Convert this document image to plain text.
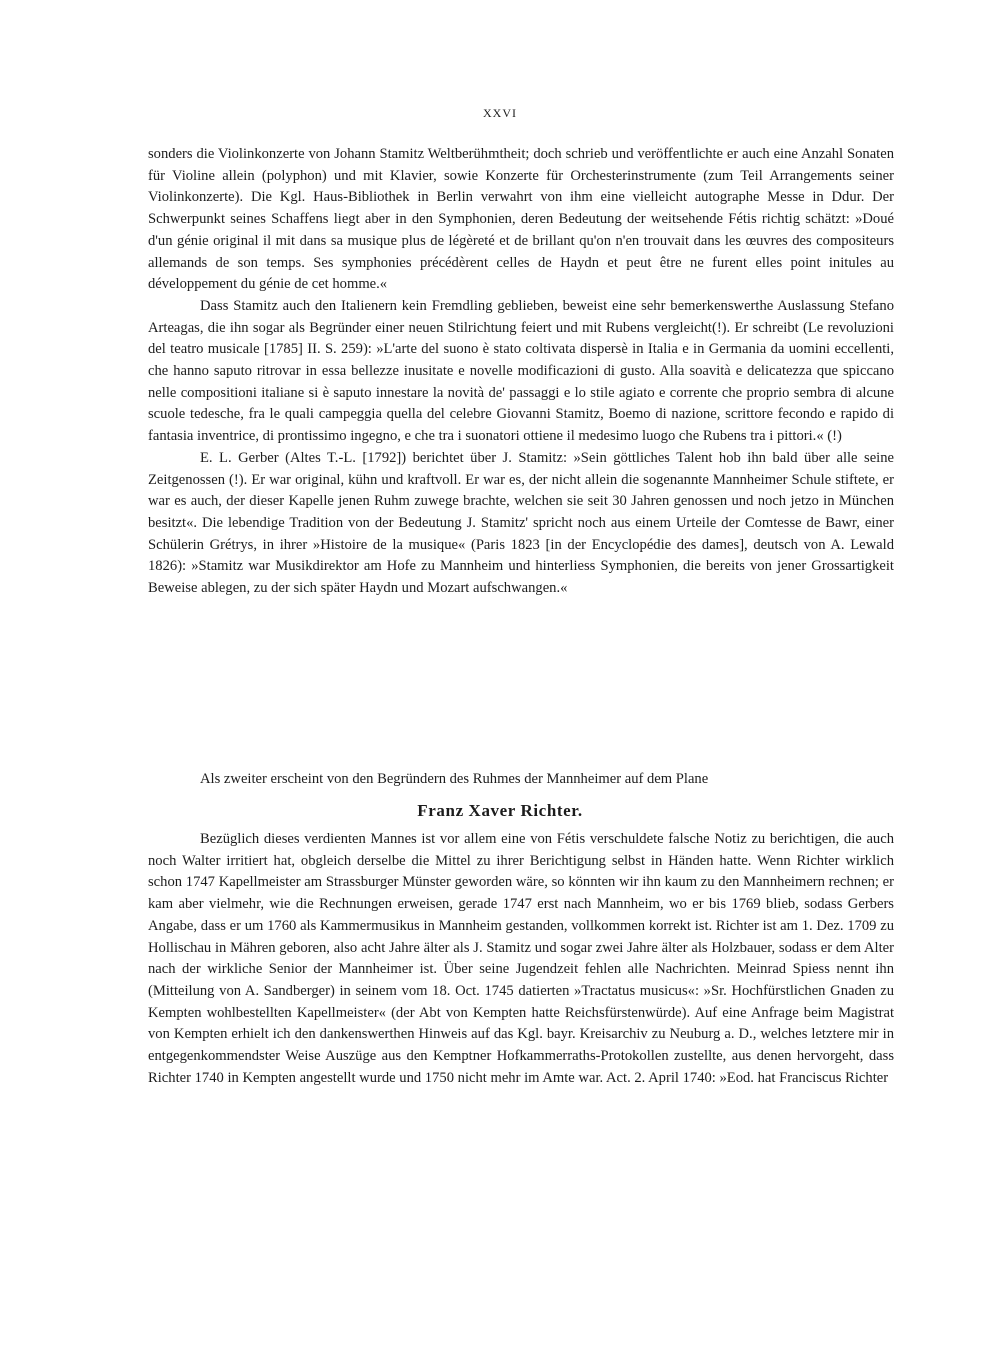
XXVI

sonders die Violinkonzerte von Johann Stamitz Weltberühmtheit; doch schrieb und veröffentlichte er auch eine Anzahl Sonaten für Violine allein (polyphon) und mit Klavier, sowie Konzerte für Orchesterinstrumente (zum Teil Arrangements seiner Violinkonzerte). Die Kgl. Haus-Bibliothek in Berlin verwahrt von ihm eine vielleicht autographe Messe in Ddur. Der Schwerpunkt seines Schaffens liegt aber in den Symphonien, deren Bedeutung der weitsehende Fétis richtig schätzt: »Doué d'un génie original il mit dans sa musique plus de légèreté et de brillant qu'on n'en trouvait dans les œuvres des compositeurs allemands de son temps. Ses symphonies précédèrent celles de Haydn et peut être ne furent elles point initules au développement du génie de cet homme.«

Dass Stamitz auch den Italienern kein Fremdling geblieben, beweist eine sehr bemerkenswerthe Auslassung Stefano Arteagas, die ihn sogar als Begründer einer neuen Stilrichtung feiert und mit Rubens vergleicht(!). Er schreibt (Le revoluzioni del teatro musicale [1785] II. S. 259): »L'arte del suono è stato coltivata dispersè in Italia e in Germania da uomini eccellenti, che hanno saputo ritrovar in essa bellezze inusitate e novelle modificazioni di gusto. Alla soavità e delicatezza que spiccano nelle compositioni italiane si è saputo innestare la novità de' passaggi e lo stile agiato e corrente che proprio sembra di alcune scuole tedesche, fra le quali campeggia quella del celebre Giovanni Stamitz, Boemo di nazione, scrittore fecondo e rapido di fantasia inventrice, di prontissimo ingegno, e che tra i suonatori ottiene il medesimo luogo che Rubens tra i pittori.« (!)

E. L. Gerber (Altes T.-L. [1792]) berichtet über J. Stamitz: »Sein göttliches Talent hob ihn bald über alle seine Zeitgenossen (!). Er war original, kühn und kraftvoll. Er war es, der nicht allein die sogenannte Mannheimer Schule stiftete, er war es auch, der dieser Kapelle jenen Ruhm zuwege brachte, welchen sie seit 30 Jahren genossen und noch jetzo in München besitzt«. Die lebendige Tradition von der Bedeutung J. Stamitz' spricht noch aus einem Urteile der Comtesse de Bawr, einer Schülerin Grétrys, in ihrer »Histoire de la musique« (Paris 1823 [in der Encyclopédie des dames], deutsch von A. Lewald 1826): »Stamitz war Musikdirektor am Hofe zu Mannheim und hinterliess Symphonien, die bereits von jener Grossartigkeit Beweise ablegen, zu der sich später Haydn und Mozart aufschwangen.«

Als zweiter erscheint von den Begründern des Ruhmes der Mannheimer auf dem Plane

Franz Xaver Richter.

Bezüglich dieses verdienten Mannes ist vor allem eine von Fétis verschuldete falsche Notiz zu berichtigen, die auch noch Walter irritiert hat, obgleich derselbe die Mittel zu ihrer Berichtigung selbst in Händen hatte. Wenn Richter wirklich schon 1747 Kapellmeister am Strassburger Münster geworden wäre, so könnten wir ihn kaum zu den Mannheimern rechnen; er kam aber vielmehr, wie die Rechnungen erweisen, gerade 1747 erst nach Mannheim, wo er bis 1769 blieb, sodass Gerbers Angabe, dass er um 1760 als Kammermusikus in Mannheim gestanden, vollkommen korrekt ist. Richter ist am 1. Dez. 1709 zu Hollischau in Mähren geboren, also acht Jahre älter als J. Stamitz und sogar zwei Jahre älter als Holzbauer, sodass er dem Alter nach der wirkliche Senior der Mannheimer ist. Über seine Jugendzeit fehlen alle Nachrichten. Meinrad Spiess nennt ihn (Mitteilung von A. Sandberger) in seinem vom 18. Oct. 1745 datierten »Tractatus musicus«: »Sr. Hochfürstlichen Gnaden zu Kempten wohlbestellten Kapellmeister« (der Abt von Kempten hatte Reichsfürstenwürde). Auf eine Anfrage beim Magistrat von Kempten erhielt ich den dankenswerthen Hinweis auf das Kgl. bayr. Kreisarchiv zu Neuburg a. D., welches letztere mir in entgegenkommendster Weise Auszüge aus den Kemptner Hofkammerraths-Protokollen zustellte, aus denen hervorgeht, dass Richter 1740 in Kempten angestellt wurde und 1750 nicht mehr im Amte war. Act. 2. April 1740: »Eod. hat Franciscus Richter
